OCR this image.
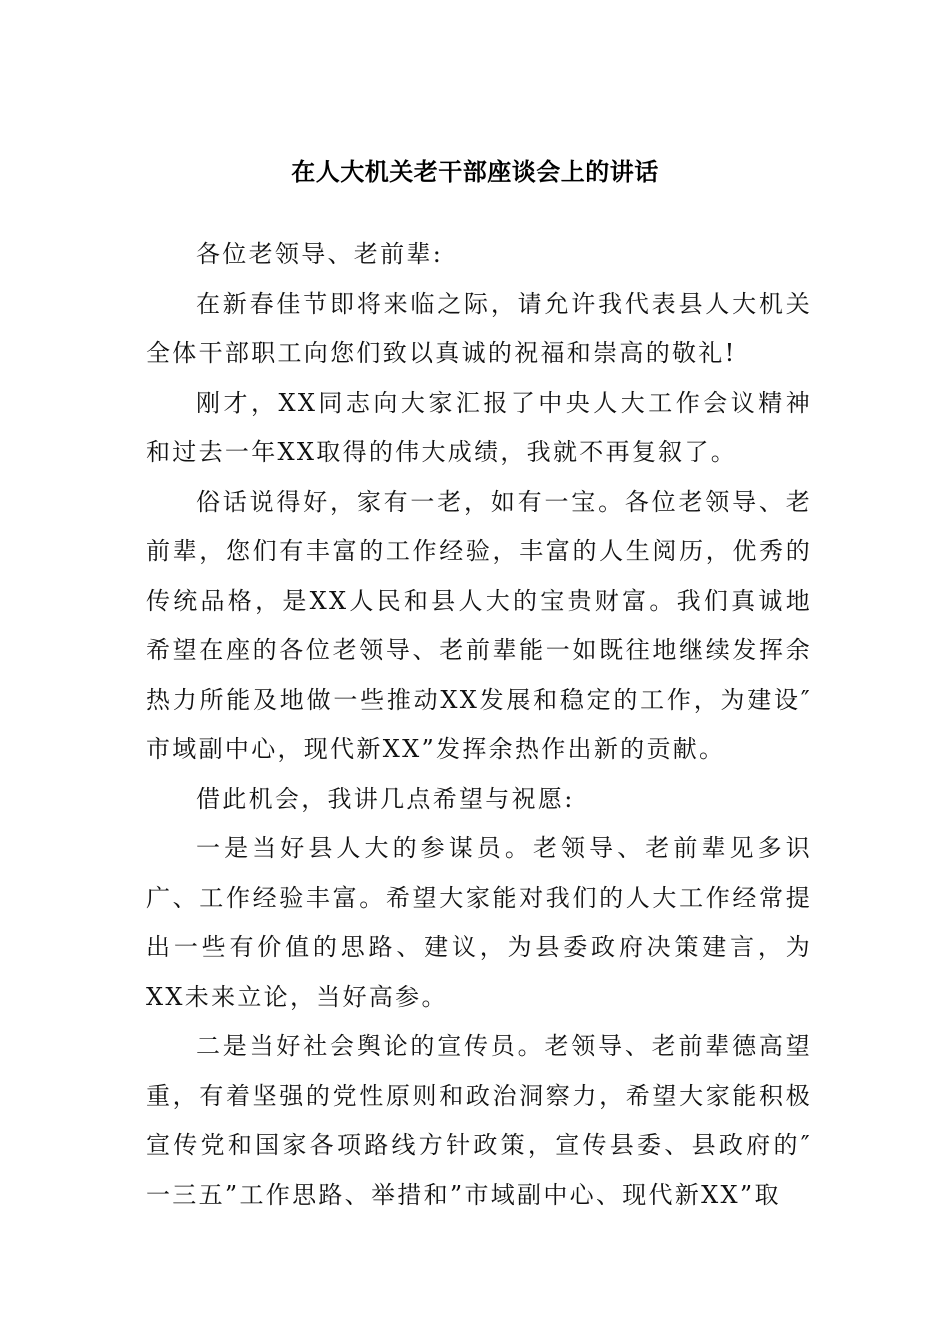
在人大机关老干部座谈会上的讲话

各位老领导、老前辈:

在新春佳节即将来临之际，请允许我代表县人大机关全体干部职工向您们致以真诚的祝福和崇高的敬礼!

刚才，XX同志向大家汇报了中央人大工作会议精神和过去一年XX取得的伟大成绩，我就不再复叙了。

俗话说得好，家有一老，如有一宝。各位老领导、老前辈，您们有丰富的工作经验，丰富的人生阅历，优秀的传统品格，是XX人民和县人大的宝贵财富。我们真诚地希望在座的各位老领导、老前辈能一如既往地继续发挥余热力所能及地做一些推动XX发展和稳定的工作，为建设″市域副中心，现代新XX”发挥余热作出新的贡献。

借此机会，我讲几点希望与祝愿:

一是当好县人大的参谋员。老领导、老前辈见多识广、工作经验丰富。希望大家能对我们的人大工作经常提出一些有价值的思路、建议，为县委政府决策建言，为XX未来立论，当好高参。

二是当好社会舆论的宣传员。老领导、老前辈德高望重，有着坚强的党性原则和政治洞察力，希望大家能积极宣传党和国家各项路线方针政策，宣传县委、县政府的″一三五”工作思路、举措和”市域副中心、现代新XX”取
